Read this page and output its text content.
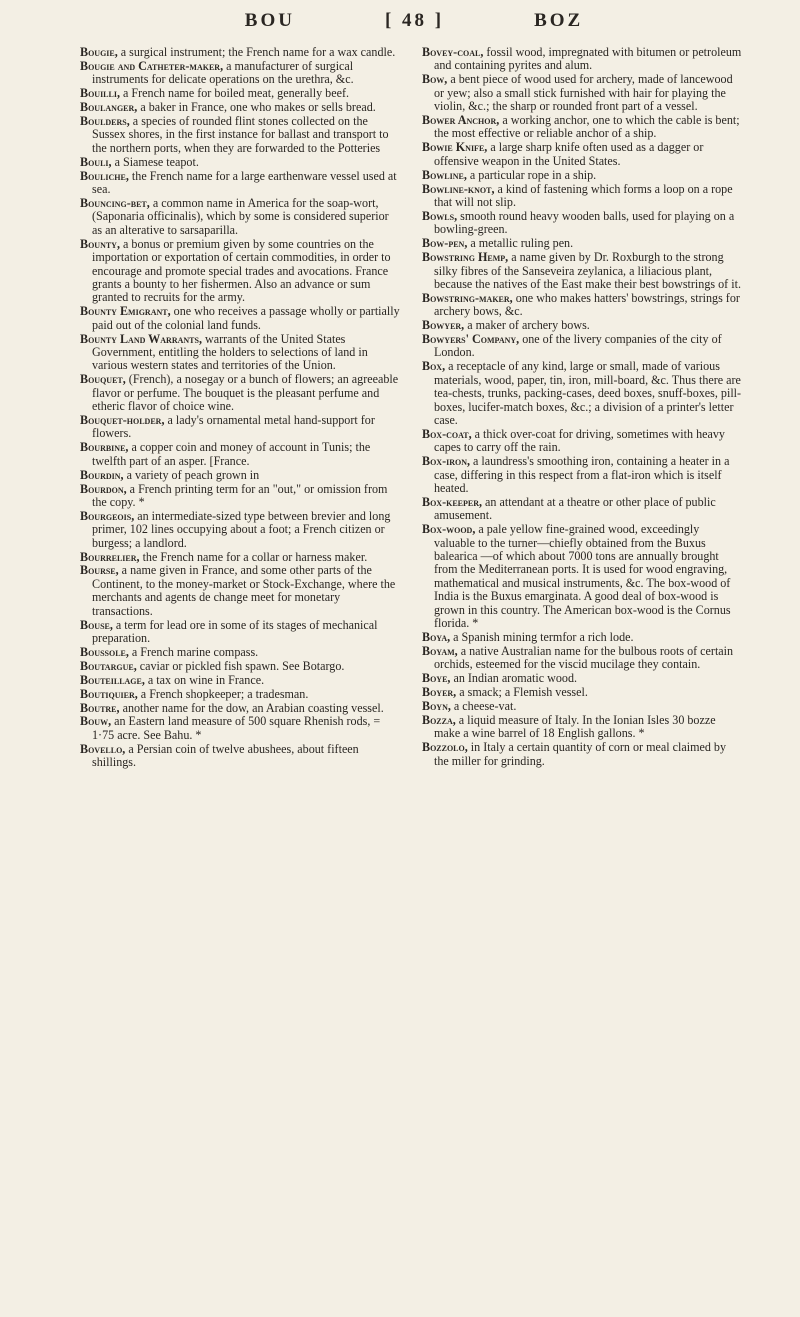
BOU	[ 48 ]	BOZ

Bougie, a surgical instrument; the French name for a wax candle.

Bougie and Catheter-maker, a manufacturer of surgical instruments for delicate operations on the urethra, &c.

Bouilli, a French name for boiled meat, generally beef.

Boulanger, a baker in France, one who makes or sells bread.

Boulders, a species of rounded flint stones collected on the Sussex shores, in the first instance for ballast and transport to the northern ports, when they are forwarded to the Potteries

Bouli, a Siamese teapot.

Bouliche, the French name for a large earthenware vessel used at sea.

Bouncing-bet, a common name in America for the soap-wort, (Saponaria officinalis), which by some is considered superior as an alterative to sarsaparilla.

Bounty, a bonus or premium given by some countries on the importation or exportation of certain commodities, in order to encourage and promote special trades and avocations. France grants a bounty to her fishermen. Also an advance or sum granted to recruits for the army.

Bounty Emigrant, one who receives a passage wholly or partially paid out of the colonial land funds.

Bounty Land Warrants, warrants of the United States Government, entitling the holders to selections of land in various western states and territories of the Union.

Bouquet, (French), a nosegay or a bunch of flowers; an agreeable flavor or perfume. The bouquet is the pleasant perfume and etheric flavor of choice wine.

Bouquet-holder, a lady's ornamental metal hand-support for flowers.

Bourbine, a copper coin and money of account in Tunis; the twelfth part of an asper. [France.

Bourdin, a variety of peach grown in

Bourdon, a French printing term for an "out," or omission from the copy. *

Bourgeois, an intermediate-sized type between brevier and long primer, 102 lines occupying about a foot; a French citizen or burgess; a landlord.

Bourrelier, the French name for a collar or harness maker.

Bourse, a name given in France, and some other parts of the Continent, to the money-market or Stock-Exchange, where the merchants and agents de change meet for monetary transactions.

Bouse, a term for lead ore in some of its stages of mechanical preparation.

Boussole, a French marine compass.

Boutargue, caviar or pickled fish spawn. See Botargo.

Bouteillage, a tax on wine in France.

Boutiquier, a French shopkeeper; a tradesman.

Boutre, another name for the dow, an Arabian coasting vessel.

Bouw, an Eastern land measure of 500 square Rhenish rods, = 1·75 acre. See Bahu. *

Bovello, a Persian coin of twelve abushees, about fifteen shillings.

Bovey-coal, fossil wood, impregnated with bitumen or petroleum and containing pyrites and alum.

Bow, a bent piece of wood used for archery, made of lancewood or yew; also a small stick furnished with hair for playing the violin, &c.; the sharp or rounded front part of a vessel.

Bower Anchor, a working anchor, one to which the cable is bent; the most effective or reliable anchor of a ship.

Bowie Knife, a large sharp knife often used as a dagger or offensive weapon in the United States.

Bowline, a particular rope in a ship.

Bowline-knot, a kind of fastening which forms a loop on a rope that will not slip.

Bowls, smooth round heavy wooden balls, used for playing on a bowling-green.

Bow-pen, a metallic ruling pen.

Bowstring Hemp, a name given by Dr. Roxburgh to the strong silky fibres of the Sanseveira zeylanica, a liliacious plant, because the natives of the East make their best bowstrings of it.

Bowstring-maker, one who makes hatters' bowstrings, strings for archery bows, &c.

Bowyer, a maker of archery bows.

Bowyers' Company, one of the livery companies of the city of London.

Box, a receptacle of any kind, large or small, made of various materials, wood, paper, tin, iron, mill-board, &c. Thus there are tea-chests, trunks, packing-cases, deed boxes, snuff-boxes, pill-boxes, lucifer-match boxes, &c.; a division of a printer's letter case.

Box-coat, a thick over-coat for driving, sometimes with heavy capes to carry off the rain.

Box-iron, a laundress's smoothing iron, containing a heater in a case, differing in this respect from a flat-iron which is itself heated.

Box-keeper, an attendant at a theatre or other place of public amusement.

Box-wood, a pale yellow fine-grained wood, exceedingly valuable to the turner—chiefly obtained from the Buxus balearica —of which about 7000 tons are annually brought from the Mediterranean ports. It is used for wood engraving, mathematical and musical instruments, &c. The box-wood of India is the Buxus emarginata. A good deal of box-wood is grown in this country. The American box-wood is the Cornus florida. *

Boya, a Spanish mining termfor a rich lode.

Boyam, a native Australian name for the bulbous roots of certain orchids, esteemed for the viscid mucilage they contain.

Boye, an Indian aromatic wood.

Boyer, a smack; a Flemish vessel.

Boyn, a cheese-vat.

Bozza, a liquid measure of Italy. In the Ionian Isles 30 bozze make a wine barrel of 18 English gallons. *

Bozzolo, in Italy a certain quantity of corn or meal claimed by the miller for grinding.
